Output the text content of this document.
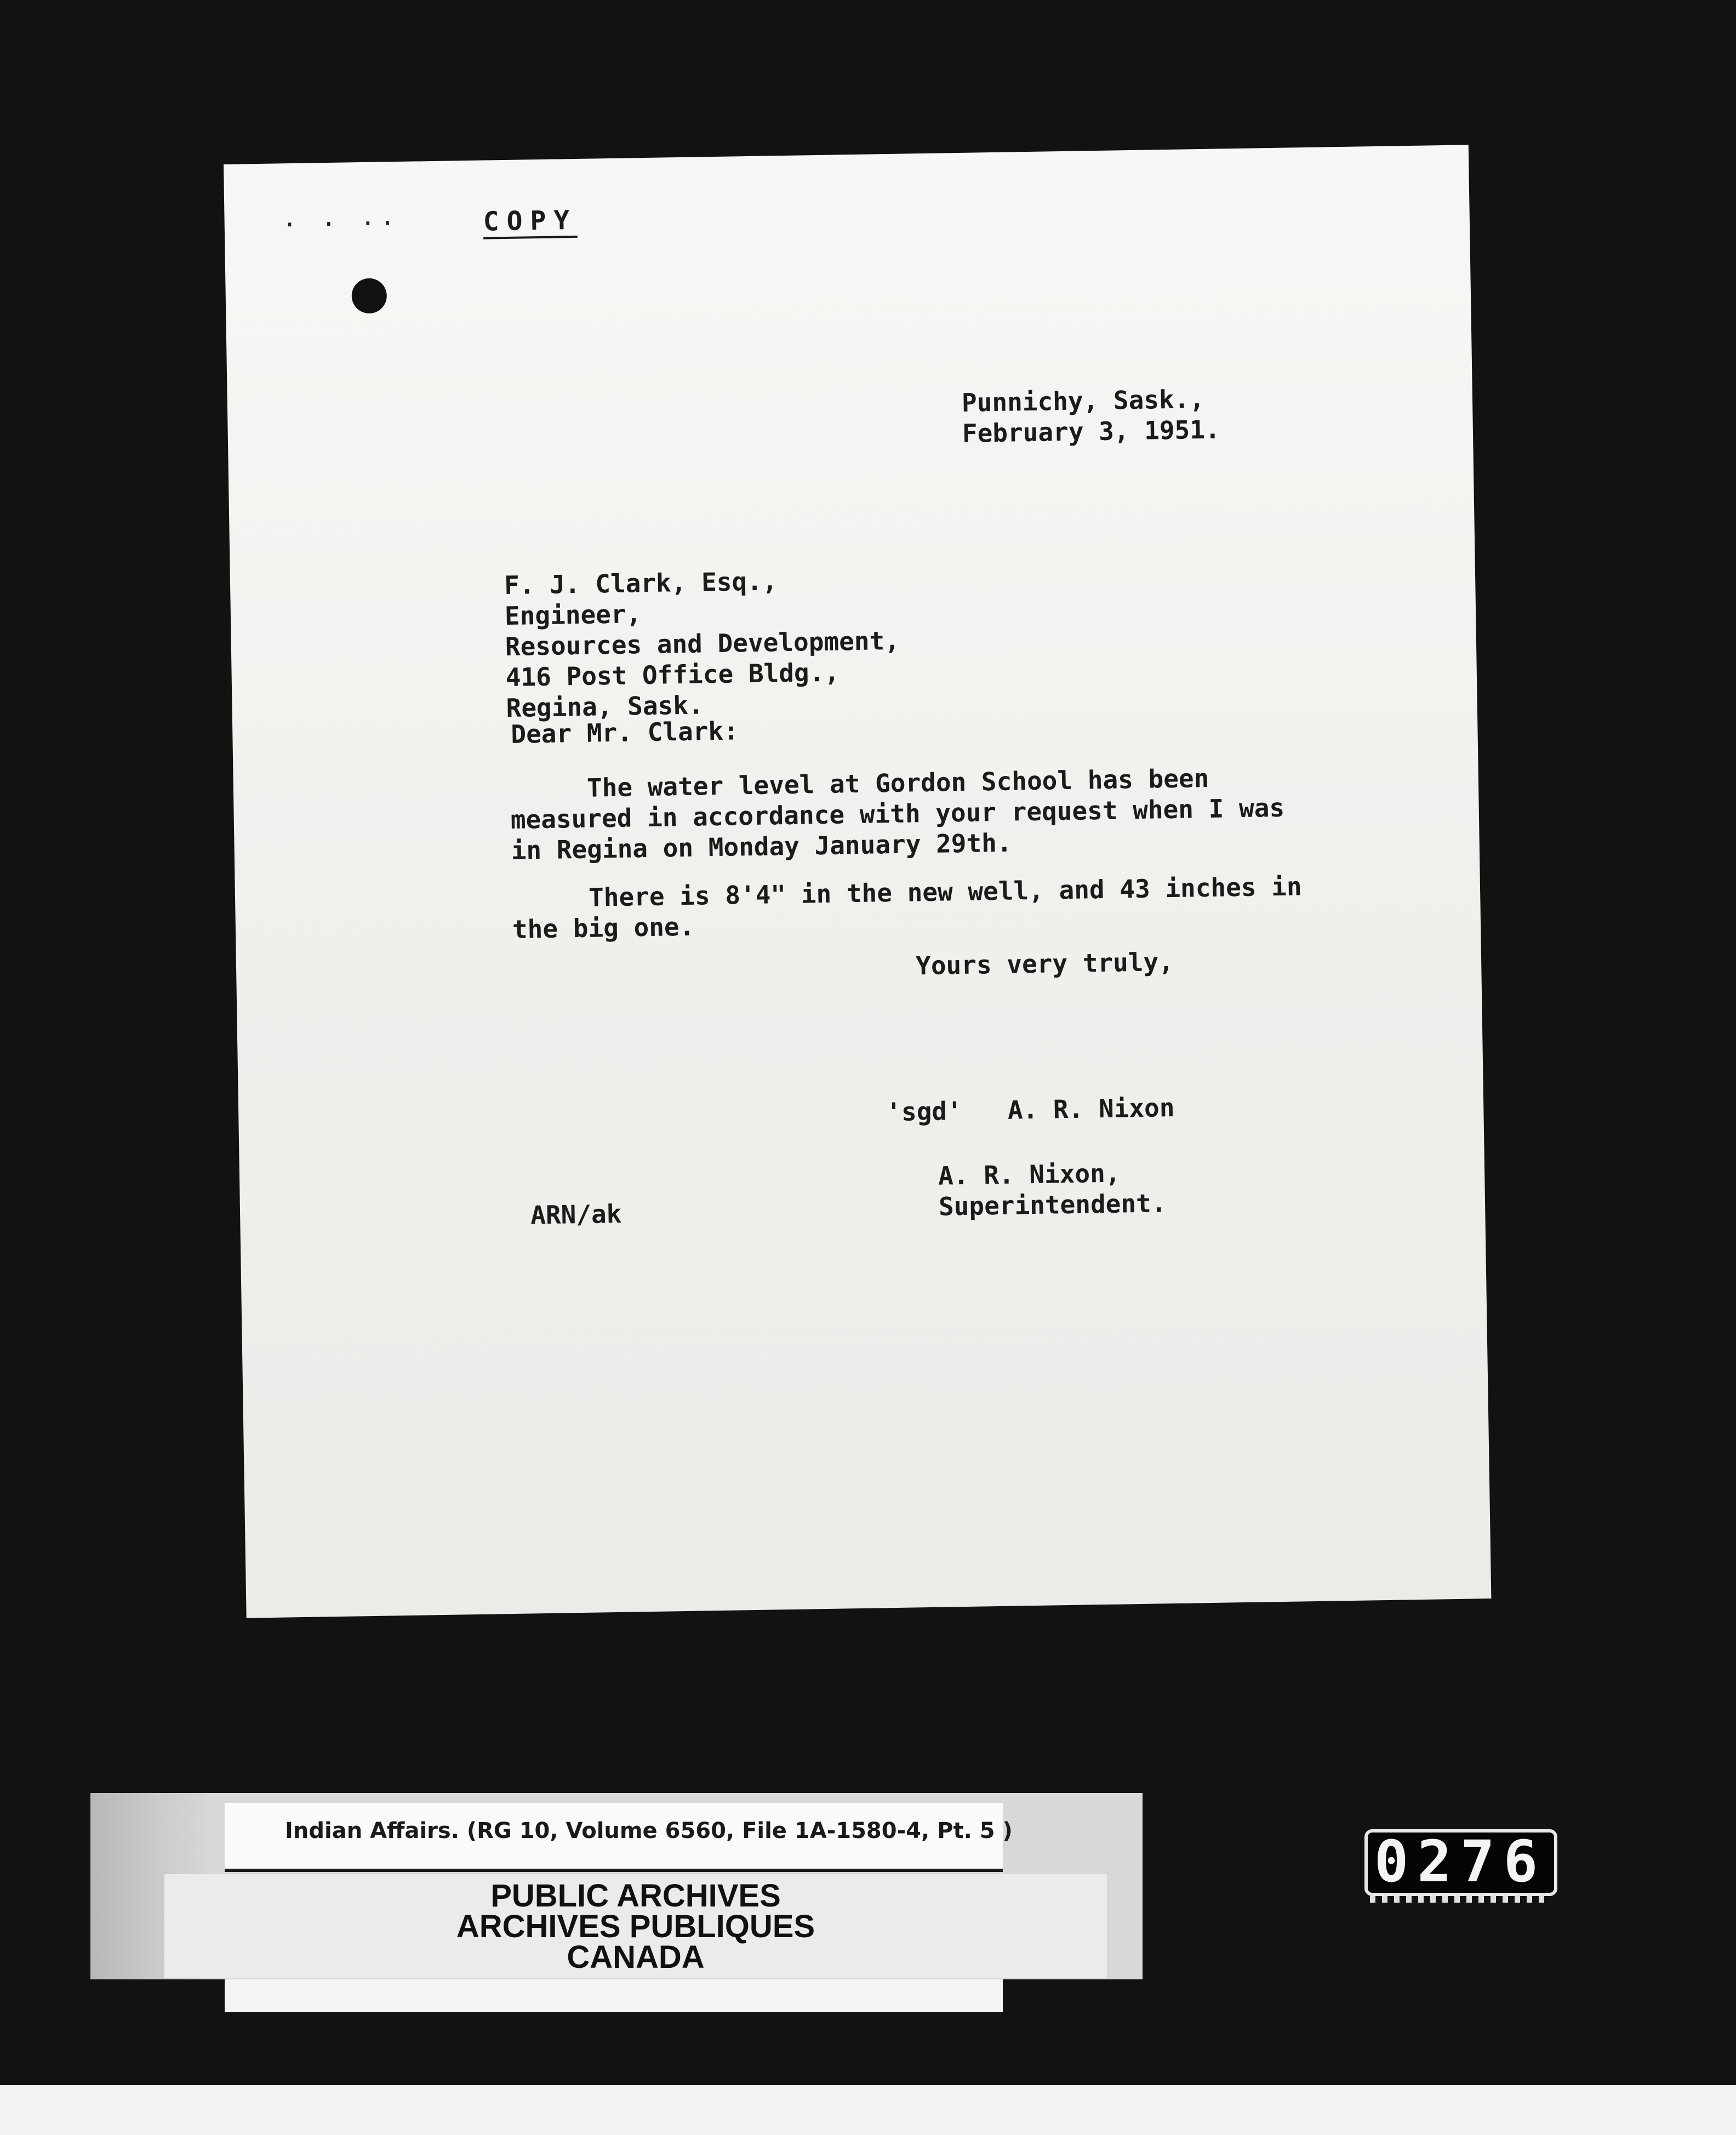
. . ..	COPY
Punnichy, Sask.,
February 3, 1951.
F. J. Clark, Esq.,
Engineer,
Resources and Development,
416 Post Office Bldg.,
Regina, Sask.
Dear Mr. Clark:
The water level at Gordon School has been measured in accordance with your request when I was in Regina on Monday January 29th.
There is 8'4" in the new well, and 43 inches in the big one.
Yours very truly,
'sgd'   A. R. Nixon
A. R. Nixon,
Superintendent.
ARN/ak
Indian Affairs. (RG 10, Volume 6560, File 1A-1580-4, Pt. 5 )
PUBLIC ARCHIVES
ARCHIVES PUBLIQUES
CANADA
0276
